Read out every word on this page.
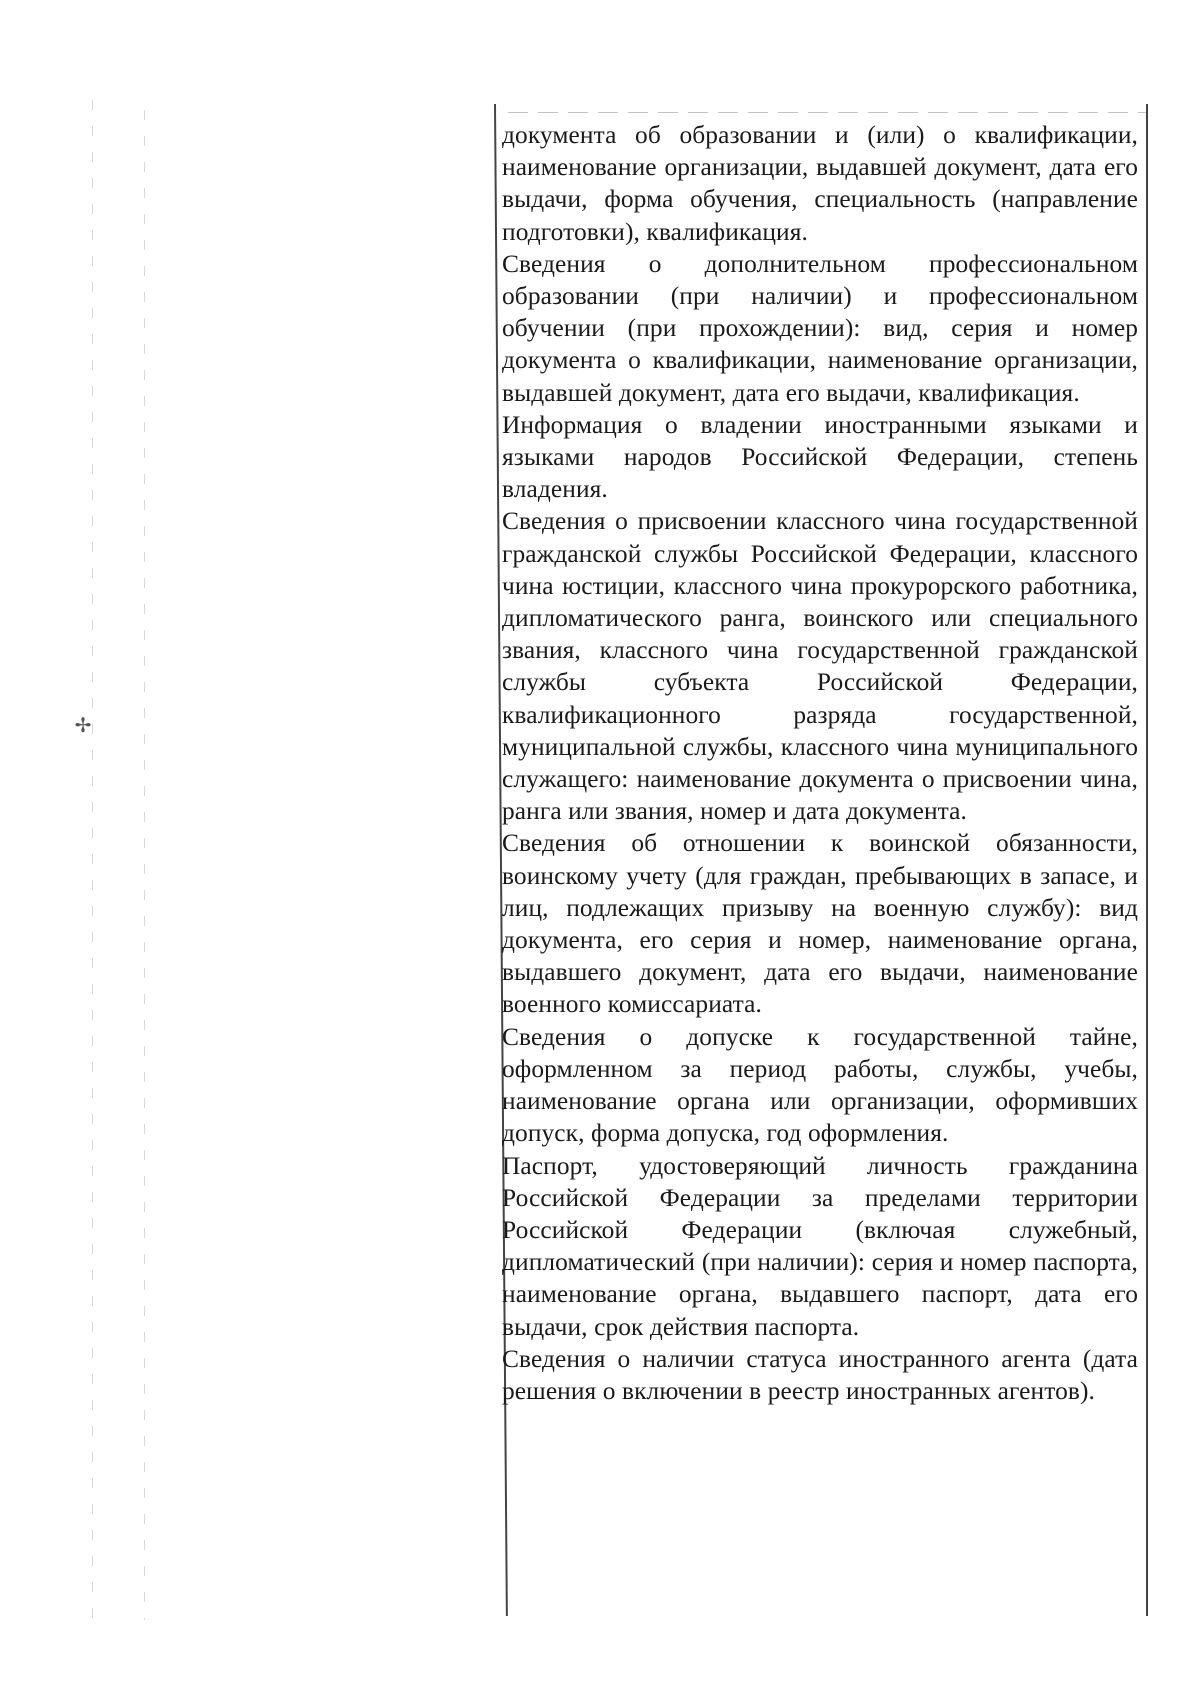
✢

документа об образовании и (или) о квалификации, наименование организации, выдавшей документ, дата его выдачи, форма обучения, специальность (направление подготовки), квалификация.

Сведения о дополнительном профессиональном образовании (при наличии) и профессиональном обучении (при прохождении): вид, серия и номер документа о квалификации, наименование организации, выдавшей документ, дата его выдачи, квалификация.

Информация о владении иностранными языками и языками народов Российской Федерации, степень владения.

Сведения о присвоении классного чина государственной гражданской службы Российской Федерации, классного чина юстиции, классного чина прокурорского работника, дипломатического ранга, воинского или специального звания, классного чина государственной гражданской службы субъекта Российской Федерации, квалификационного разряда государственной, муниципальной службы, классного чина муниципального служащего: наименование документа о присвоении чина, ранга или звания, номер и дата документа.

Сведения об отношении к воинской обязанности, воинскому учету (для граждан, пребывающих в запасе, и лиц, подлежащих призыву на военную службу): вид документа, его серия и номер, наименование органа, выдавшего документ, дата его выдачи, наименование военного комиссариата.

Сведения о допуске к государственной тайне, оформленном за период работы, службы, учебы, наименование органа или организации, оформивших допуск, форма допуска, год оформления.

Паспорт, удостоверяющий личность гражданина Российской Федерации за пределами территории Российской Федерации (включая служебный, дипломатический (при наличии): серия и номер паспорта, наименование органа, выдавшего паспорт, дата его выдачи, срок действия паспорта.

Сведения о наличии статуса иностранного агента (дата решения о включении в реестр иностранных агентов).
